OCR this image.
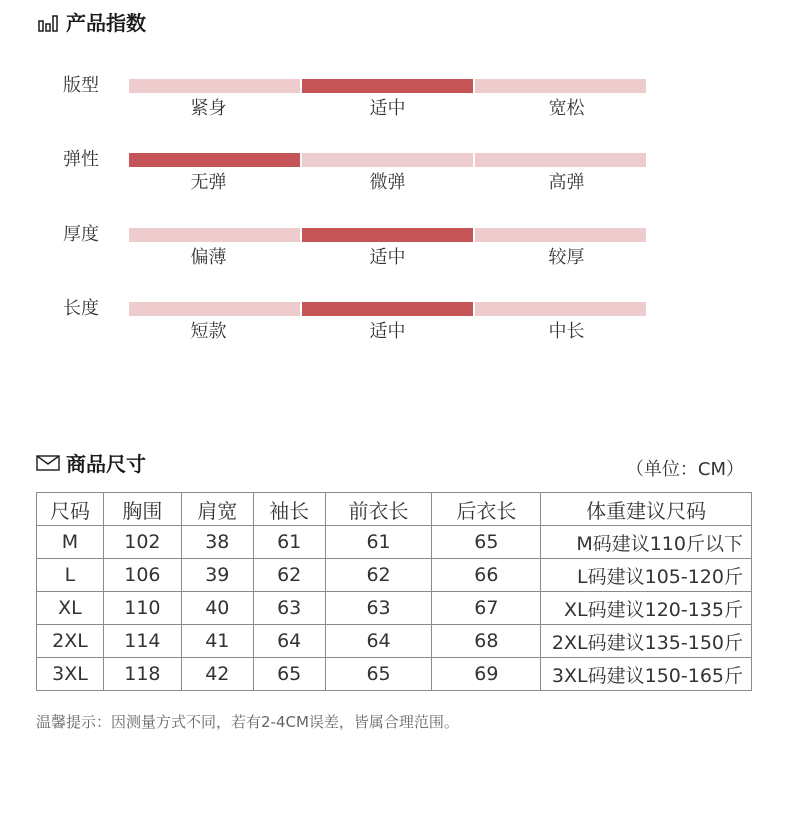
产品指数
版型
紧身	适中	宽松
弹性
无弹	微弹	高弹
厚度
偏薄	适中	较厚
长度
短款	适中	中长
商品尺寸	（单位：CM）
尺码	胸围	肩宽	袖长	前衣长	后衣长	体重建议尺码
M	102	38	61	61	65	M码建议110斤以下
L	106	39	62	62	66	L码建议105-120斤
XL	110	40	63	63	67	XL码建议120-135斤
2XL	114	41	64	64	68	2XL码建议135-150斤
3XL	118	42	65	65	69	3XL码建议150-165斤
温馨提示：因测量方式不同，若有2-4CM误差，皆属合理范围。
